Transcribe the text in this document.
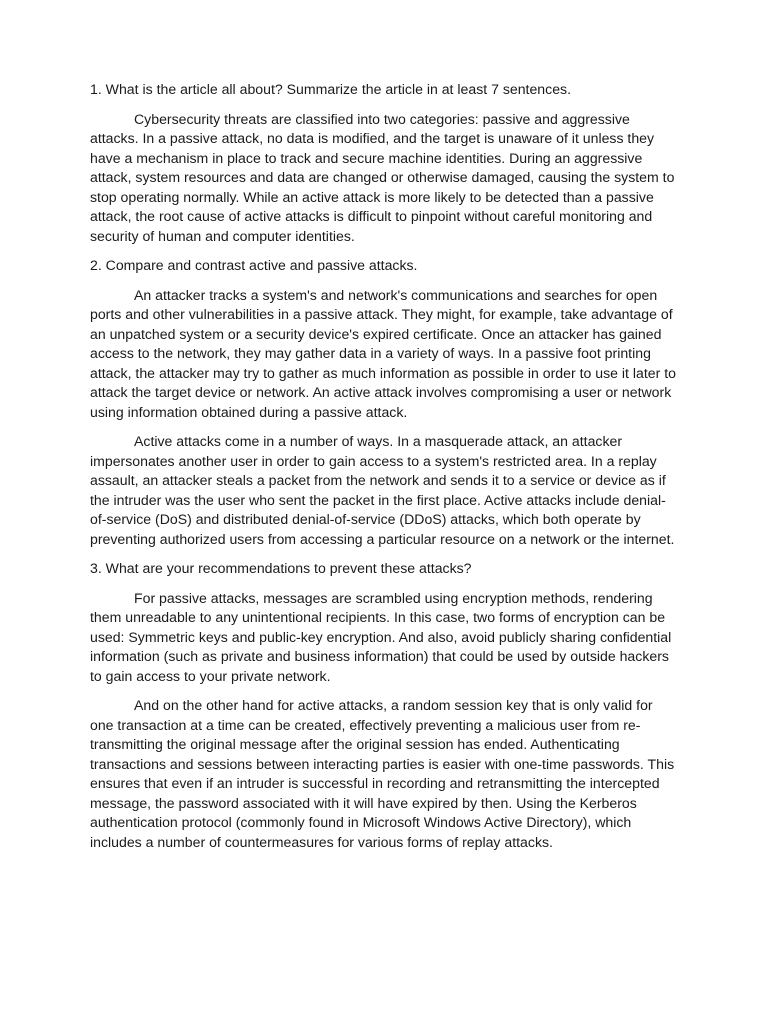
1. What is the article all about? Summarize the article in at least 7 sentences.

Cybersecurity threats are classified into two categories: passive and aggressive attacks. In a passive attack, no data is modified, and the target is unaware of it unless they have a mechanism in place to track and secure machine identities. During an aggressive attack, system resources and data are changed or otherwise damaged, causing the system to stop operating normally. While an active attack is more likely to be detected than a passive attack, the root cause of active attacks is difficult to pinpoint without careful monitoring and security of human and computer identities.

2. Compare and contrast active and passive attacks.

An attacker tracks a system's and network's communications and searches for open ports and other vulnerabilities in a passive attack. They might, for example, take advantage of an unpatched system or a security device's expired certificate. Once an attacker has gained access to the network, they may gather data in a variety of ways. In a passive foot printing attack, the attacker may try to gather as much information as possible in order to use it later to attack the target device or network. An active attack involves compromising a user or network using information obtained during a passive attack.

Active attacks come in a number of ways. In a masquerade attack, an attacker impersonates another user in order to gain access to a system's restricted area. In a replay assault, an attacker steals a packet from the network and sends it to a service or device as if the intruder was the user who sent the packet in the first place. Active attacks include denial-of-service (DoS) and distributed denial-of-service (DDoS) attacks, which both operate by preventing authorized users from accessing a particular resource on a network or the internet.

3. What are your recommendations to prevent these attacks?

For passive attacks, messages are scrambled using encryption methods, rendering them unreadable to any unintentional recipients. In this case, two forms of encryption can be used: Symmetric keys and public-key encryption. And also, avoid publicly sharing confidential information (such as private and business information) that could be used by outside hackers to gain access to your private network.

And on the other hand for active attacks, a random session key that is only valid for one transaction at a time can be created, effectively preventing a malicious user from re-transmitting the original message after the original session has ended. Authenticating transactions and sessions between interacting parties is easier with one-time passwords. This ensures that even if an intruder is successful in recording and retransmitting the intercepted message, the password associated with it will have expired by then. Using the Kerberos authentication protocol (commonly found in Microsoft Windows Active Directory), which includes a number of countermeasures for various forms of replay attacks.
